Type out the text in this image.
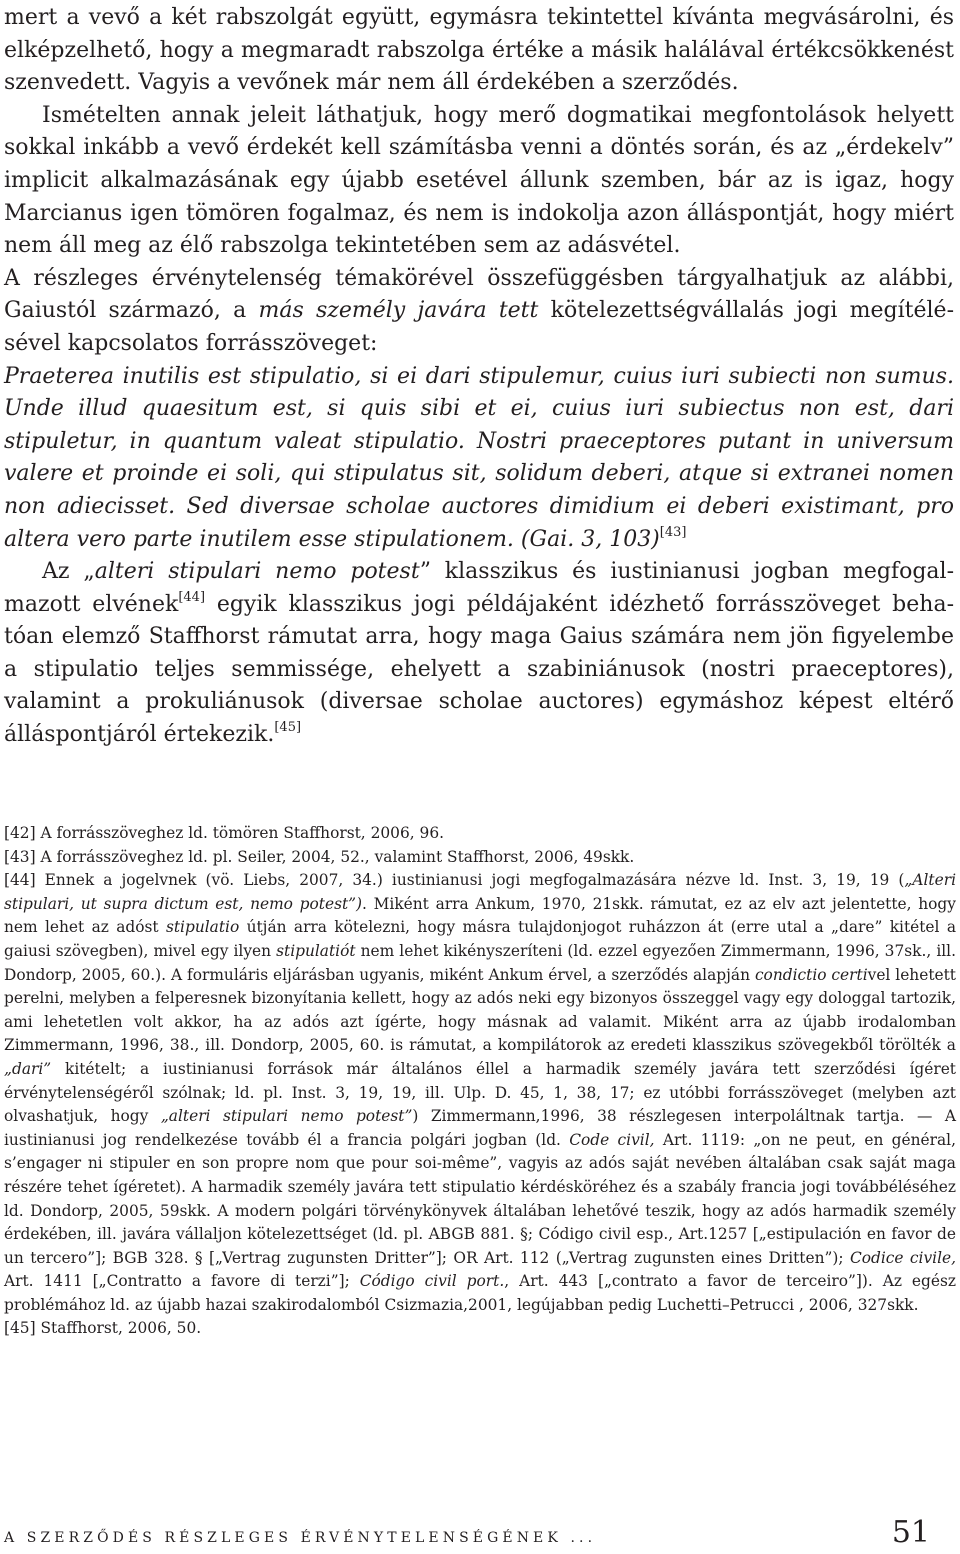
mert a vevő a két rabszolgát együtt, egymásra tekintettel kívánta megvásárolni, és elképzelhető, hogy a megmaradt rabszolga értéke a másik halálával értékcsökkenést szenvedett. Vagyis a vevőnek már nem áll érdekében a szerződés.

Ismételten annak jeleit láthatjuk, hogy merő dogmatikai megfontolások helyett sokkal inkább a vevő érdekét kell számításba venni a döntés során, és az „érdekelv” implicit alkalmazásának egy újabb esetével állunk szemben, bár az is igaz, hogy Marcianus igen tömören fogalmaz, és nem is indokolja azon álláspontját, hogy miért nem áll meg az élő rabszolga tekintetében sem az adásvétel.

A részleges érvénytelenség témakörével összefüggésben tárgyalhatjuk az alábbi, Gaiustól származó, a más személy javára tett kötelezettségvállalás jogi megítélésével kapcsolatos forrásszöveget:

Praeterea inutilis est stipulatio, si ei dari stipulemur, cuius iuri subiecti non sumus. Unde illud quaesitum est, si quis sibi et ei, cuius iuri subiectus non est, dari stipuletur, in quantum valeat stipulatio. Nostri praeceptores putant in universum valere et proinde ei soli, qui stipulatus sit, solidum deberi, atque si extranei nomen non adiecisset. Sed diversae scholae auctores dimidium ei deberi existimant, pro altera vero parte inutilem esse stipulationem. (Gai. 3, 103)[43]

Az „alteri stipulari nemo potest” klasszikus és iustinianusi jogban megfogalmazott elvének[44] egyik klasszikus jogi példájaként idézhető forrásszöveget behatóan elemző Staffhorst rámutat arra, hogy maga Gaius számára nem jön figyelembe a stipulatio teljes semmissége, ehelyett a szabiniánusok (nostri praeceptores), valamint a prokuliánusok (diversae scholae auctores) egymáshoz képest eltérő álláspontjáról értekezik.[45]

[42] A forrásszöveghez ld. tömören Staffhorst, 2006, 96.

[43] A forrásszöveghez ld. pl. Seiler, 2004, 52., valamint Staffhorst, 2006, 49skk.

[44] Ennek a jogelvnek (vö. Liebs, 2007, 34.) iustinianusi jogi megfogalmazására nézve ld. Inst. 3, 19, 19 („Alteri stipulari, ut supra dictum est, nemo potest”). Miként arra Ankum, 1970, 21skk. rámutat, ez az elv azt jelentette, hogy nem lehet az adóst stipulatio útján arra kötelezni, hogy másra tulajdonjogot ruházzon át (erre utal a „dare” kitétel a gaiusi szövegben), mivel egy ilyen stipulatiót nem lehet kikényszeríteni (ld. ezzel egyezően Zimmermann, 1996, 37sk., ill. Dondorp, 2005, 60.). A formuláris eljárásban ugyanis, miként Ankum érvel, a szerződés alapján condictio certivel lehetett perelni, melyben a felperesnek bizonyítania kellett, hogy az adós neki egy bizonyos összeggel vagy egy dologgal tartozik, ami lehetetlen volt akkor, ha az adós azt ígérte, hogy másnak ad valamit. Miként arra az újabb irodalomban Zimmermann, 1996, 38., ill. Dondorp, 2005, 60. is rámutat, a kompilátorok az eredeti klasszikus szövegekből törölték a „dari” kitételt; a iustinianusi források már általános éllel a harmadik személy javára tett szerződési ígéret érvénytelenségéről szólnak; ld. pl. Inst. 3, 19, 19, ill. Ulp. D. 45, 1, 38, 17; ez utóbbi forrásszöveget (melyben azt olvashatjuk, hogy „alteri stipulari nemo potest”) Zimmermann,1996, 38 részlegesen interpoláltnak tartja. — A iustinianusi jog rendelkezése tovább él a francia polgári jogban (ld. Code civil, Art. 1119: „on ne peut, en général, s’engager ni stipuler en son propre nom que pour soi-même”, vagyis az adós saját nevében általában csak saját maga részére tehet ígéretet). A harmadik személy javára tett stipulatio kérdésköréhez és a szabály francia jogi továbbéléséhez ld. Dondorp, 2005, 59skk. A modern polgári törvénykönyvek általában lehetővé teszik, hogy az adós harmadik személy érdekében, ill. javára vállaljon kötelezettséget (ld. pl. ABGB 881. §; Código civil esp., Art.1257 [„estipulación en favor de un tercero”]; BGB 328. § [„Vertrag zugunsten Dritter”]; OR Art. 112 („Vertrag zugunsten eines Dritten”); Codice civile, Art. 1411 [„Contratto a favore di terzi”]; Código civil port., Art. 443 [„contrato a favor de terceiro”]). Az egész problémához ld. az újabb hazai szakirodalomból Csizmazia,2001, legújabban pedig Luchetti–Petrucci , 2006, 327skk.

[45] Staffhorst, 2006, 50.

A SZERZŐDÉS RÉSZLEGES ÉRVÉNYTELENSÉGÉNEK ...	51
